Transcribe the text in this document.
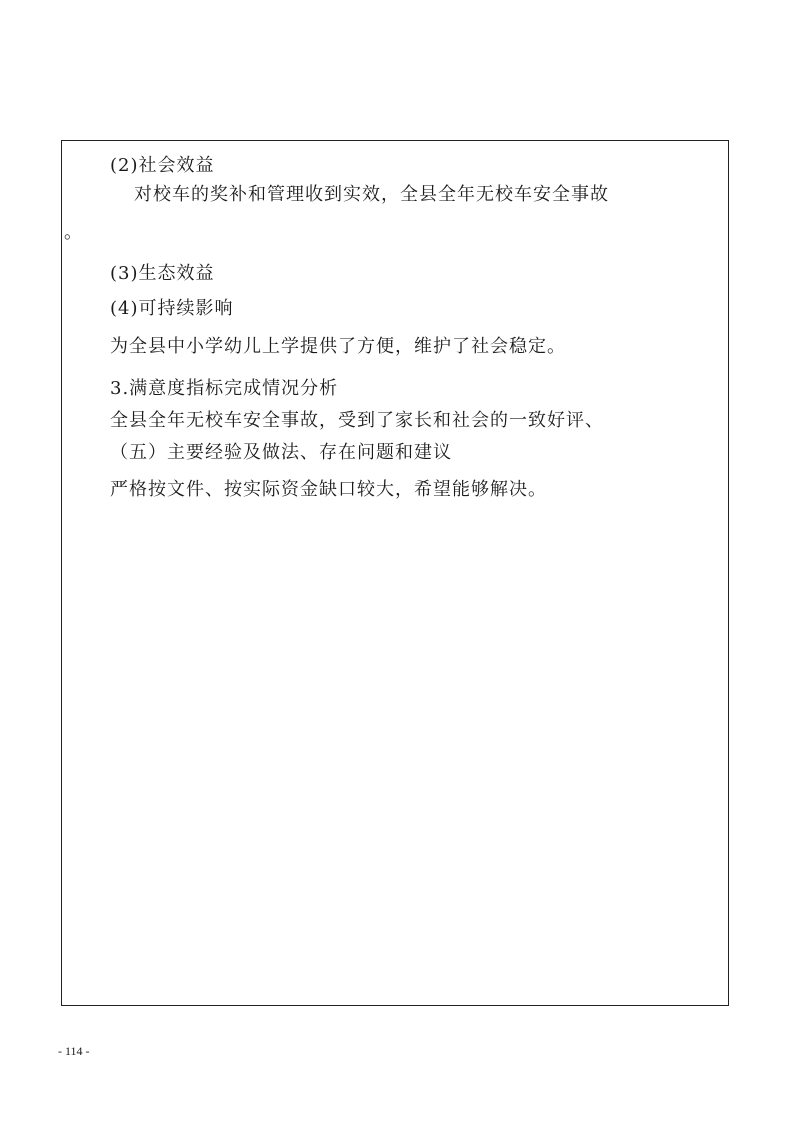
(2)社会效益
对校车的奖补和管理收到实效，全县全年无校车安全事故
。
(3)生态效益
(4)可持续影响
为全县中小学幼儿上学提供了方便，维护了社会稳定。
3.满意度指标完成情况分析
全县全年无校车安全事故，受到了家长和社会的一致好评、
（五）主要经验及做法、存在问题和建议
严格按文件、按实际资金缺口较大，希望能够解决。
- 114 -
